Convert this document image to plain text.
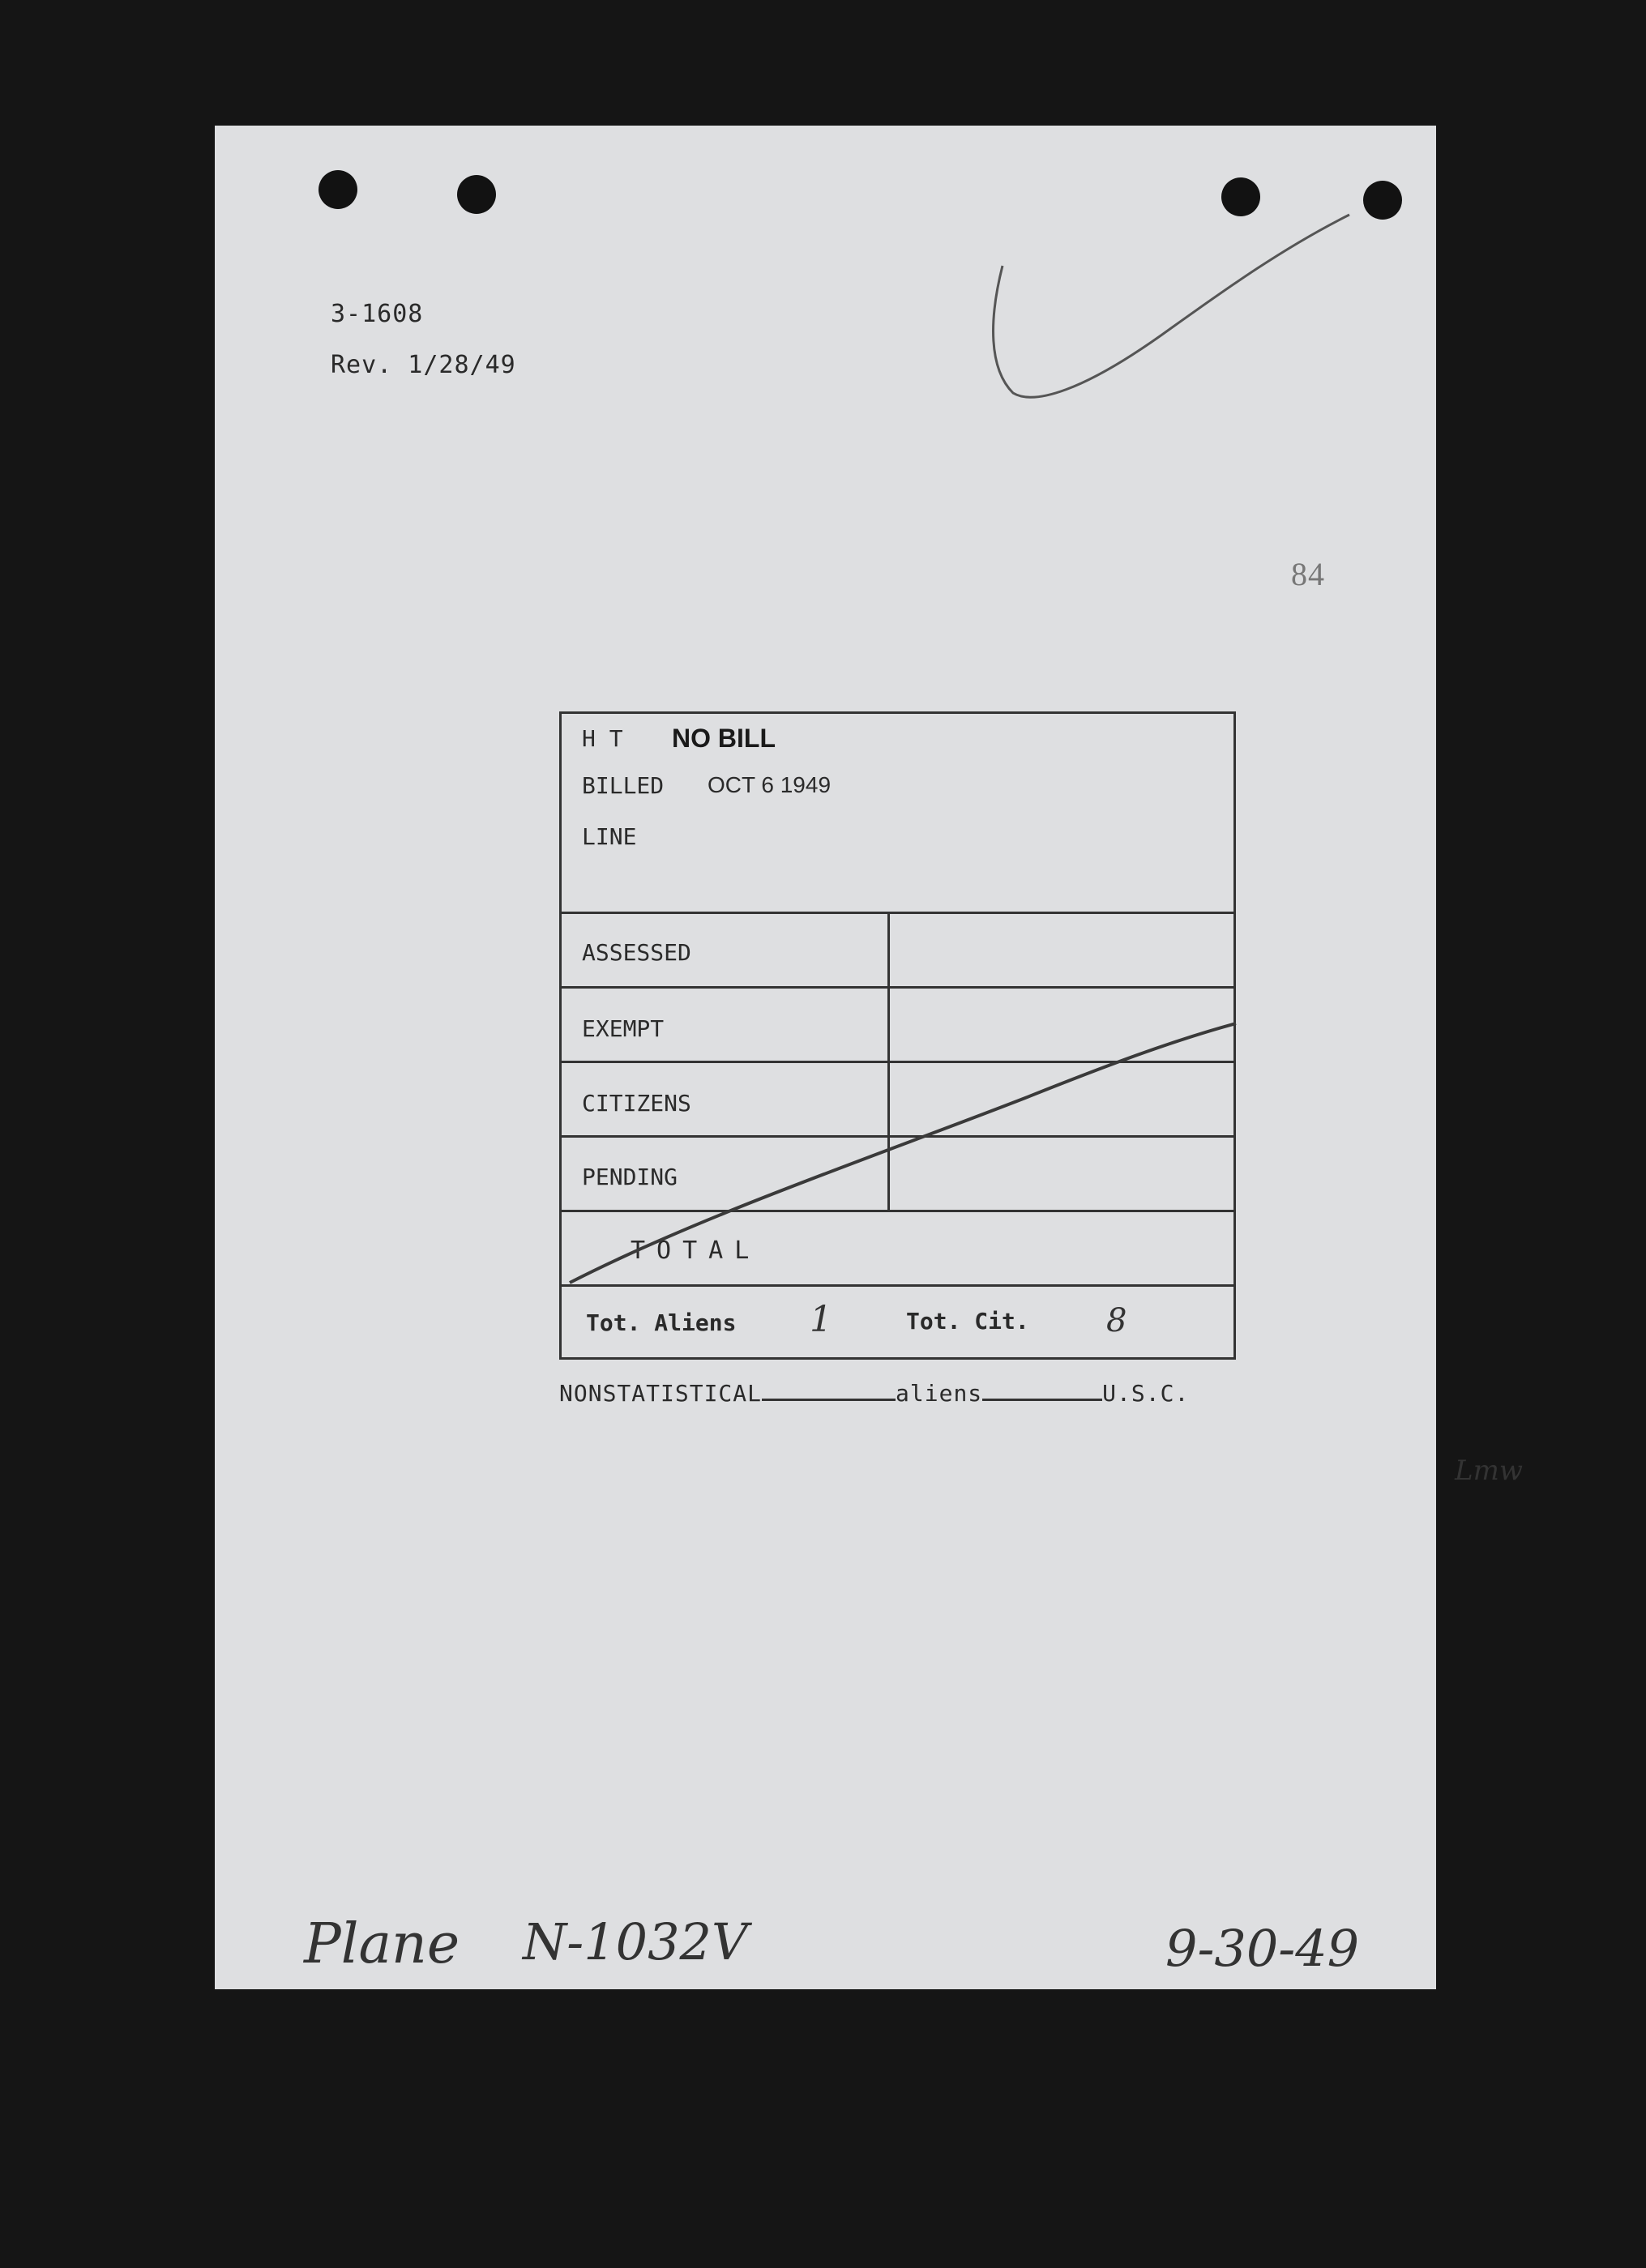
3-1608
Rev. 1/28/49
84
H T NO BILL
BILLED OCT 6 1949
LINE
ASSESSED
EXEMPT
CITIZENS
PENDING
TOTAL
Tot. Aliens 1	Tot. Cit. 8
Lmw
NONSTATISTICAL	aliens	U.S.C.
Plane N-1032V	9-30-49
